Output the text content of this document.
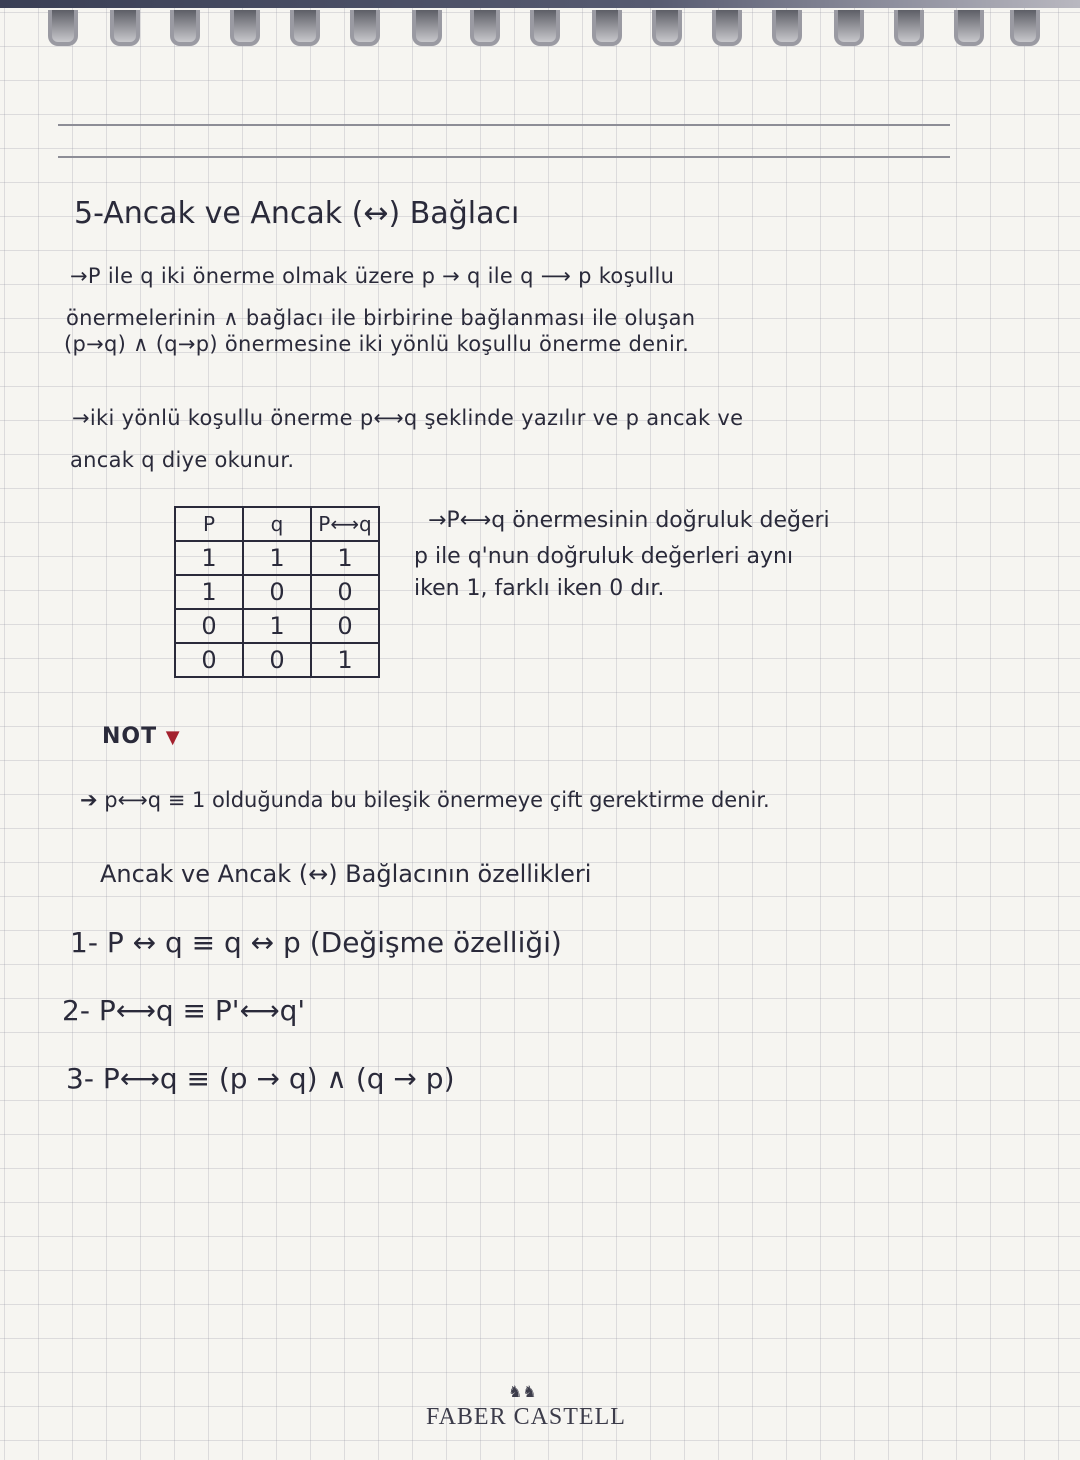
5-Ancak ve Ancak (↔) Bağlacı
→P ile q iki önerme olmak üzere p → q ile q ⟶ p koşullu
önermelerinin ∧ bağlacı ile birbirine bağlanması ile oluşan
(p→q) ∧ (q→p) önermesine iki yönlü koşullu önerme denir.
→iki yönlü koşullu önerme p⟷q şeklinde yazılır ve p ancak ve
ancak q diye okunur.
P	q	P⟷q
1	1	1
1	0	0
0	1	0
0	0	1
→P⟷q önermesinin doğruluk değeri
p ile q'nun doğruluk değerleri aynı
iken 1, farklı iken 0 dır.
NOT ▼
➔ p⟷q ≡ 1 olduğunda bu bileşik önermeye çift gerektirme denir.
Ancak ve Ancak (↔) Bağlacının özellikleri
1- P ↔ q ≡ q ↔ p (Değişme özelliği)
2- P⟷q ≡ P'⟷q'
3- P⟷q ≡ (p → q) ∧ (q → p)
♞♞
FABER CASTELL
